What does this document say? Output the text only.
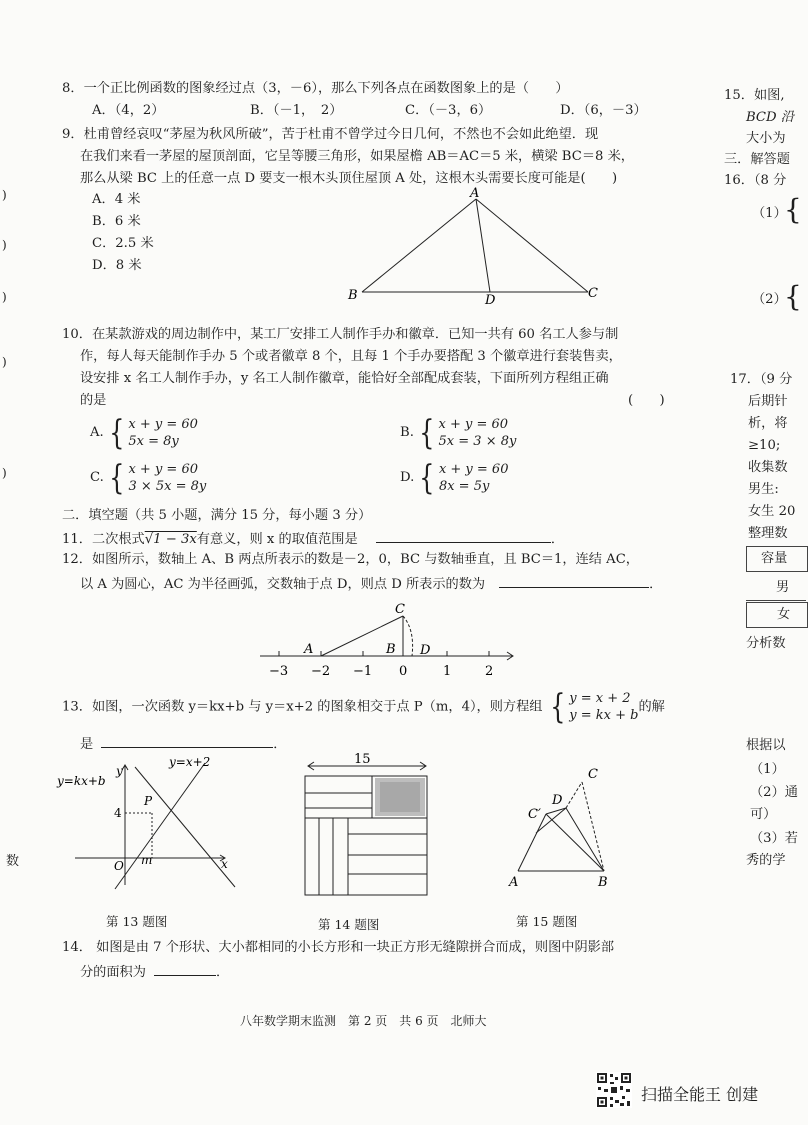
)
)
)
)
)
数
8．一个正比例函数的图象经过点（3，－6），那么下列各点在函数图象上的是（　　）
A．（4，2）	B．（－1，　2）	C．（－3，6）	D．（6，－3）
9．杜甫曾经哀叹“茅屋为秋风所破”，苦于杜甫不曾学过今日几何，不然也不会如此绝望．现
在我们来看一茅屋的屋顶剖面，它呈等腰三角形，如果屋檐 AB＝AC＝5 米，横梁 BC＝8 米，
那么从梁 BC 上的任意一点 D 要支一根木头顶住屋顶 A 处，这根木头需要长度可能是(　　)
A．4 米
B．6 米
C．2.5 米
D．8 米
A
B	C
D
10．在某款游戏的周边制作中，某工厂安排工人制作手办和徽章．已知一共有 60 名工人参与制
作，每人每天能制作手办 5 个或者徽章 8 个，且每 1 个手办要搭配 3 个徽章进行套装售卖，
设安排 x 名工人制作手办，y 名工人制作徽章，能恰好全部配成套装，下面所列方程组正确
的是	(　　)
A. { x + y = 60
5x = 8y
B. { x + y = 60
5x = 3 × 8y
C. { x + y = 60
3 × 5x = 8y
D. { x + y = 60
8x = 5y
二．填空题（共 5 小题，满分 15 分，每小题 3 分）
11．二次根式√1 − 3x有意义，则 x 的取值范围是	．
12．如图所示，数轴上 A、B 两点所表示的数是－2，0，BC 与数轴垂直，且 BC＝1，连结 AC，
以 A 为圆心，AC 为半径画弧，交数轴于点 D，则点 D 所表示的数为	．
C
A	B D
−3 −2 −1 0	1	2
13．如图，一次函数 y＝kx+b 与 y＝x+2 的图象相交于点 P（m，4），则方程组 { y = x + 2
y = kx + b
的解
是	．
y=kx+b
y=x+2
y
x
P
4
O m
第 13 题图
15
第 14 题图
C
D
C′
A	B
第 15 题图
14． 如图是由 7 个形状、大小都相同的小长方形和一块正方形无缝隙拼合而成，则图中阴影部
分的面积为	．
八年数学期末监测　第 2 页　共 6 页　北师大
15．如图,
BCD 沿
大小为
三．解答题
16．（8 分
（1）
{
（2）
{
17．（9 分
后期针
析，将
≥10;
收集数
男生:
女生 20
整理数
容量
男
女
分析数
根据以
（1）
（2）通
可）
（3）若
秀的学
扫描全能王 创建
